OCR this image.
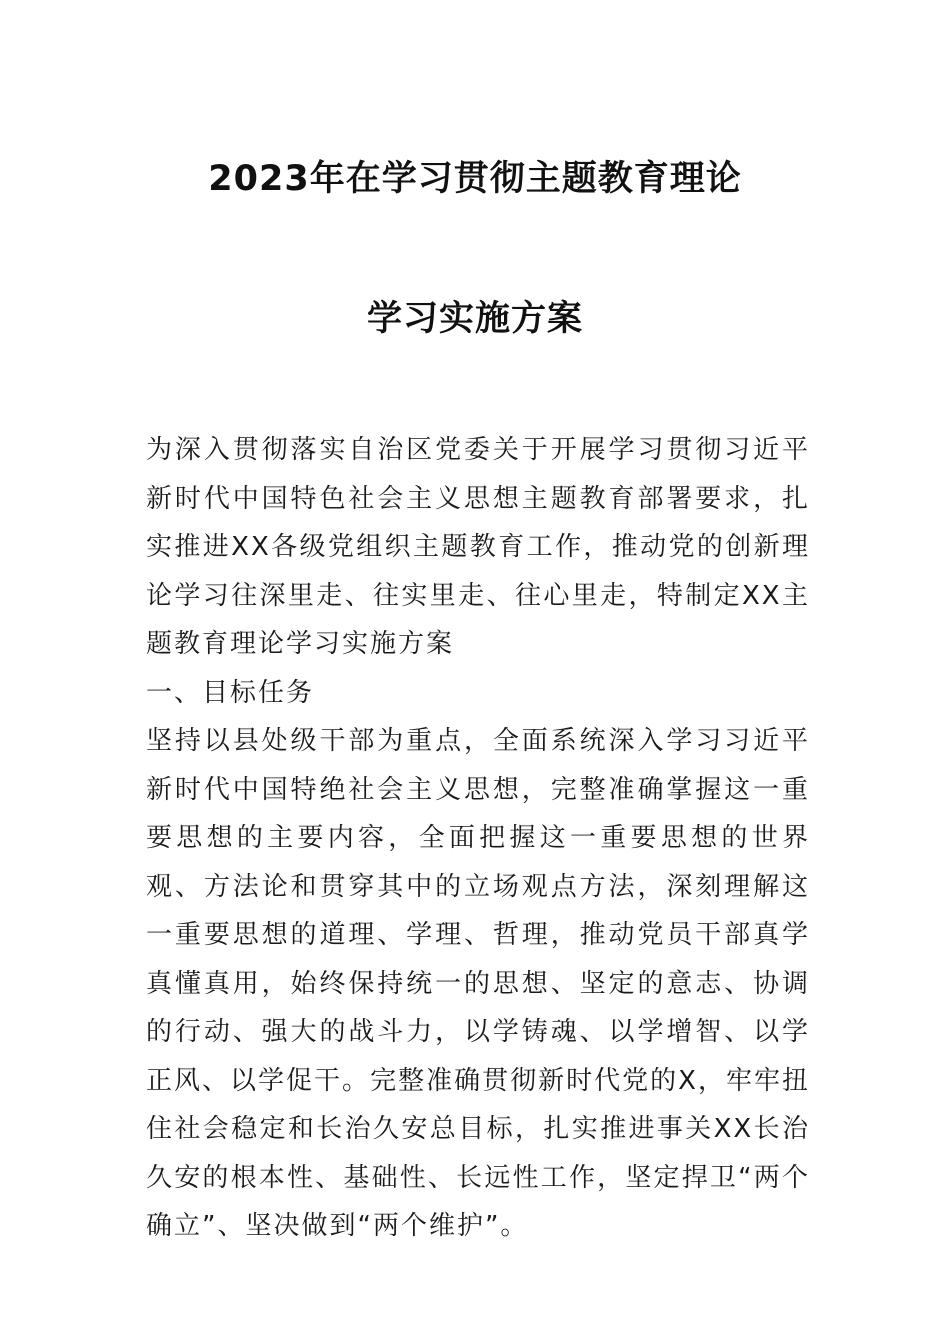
2023年在学习贯彻主题教育理论
学习实施方案

为深入贯彻落实自治区党委关于开展学习贯彻习近平新时代中国特色社会主义思想主题教育部署要求，扎实推进XX各级党组织主题教育工作，推动党的创新理论学习往深里走、往实里走、往心里走，特制定XX主题教育理论学习实施方案

一、目标任务

坚持以县处级干部为重点，全面系统深入学习习近平新时代中国特绝社会主义思想，完整准确掌握这一重要思想的主要内容，全面把握这一重要思想的世界观、方法论和贯穿其中的立场观点方法，深刻理解这一重要思想的道理、学理、哲理，推动党员干部真学真懂真用，始终保持统一的思想、坚定的意志、协调的行动、强大的战斗力，以学铸魂、以学增智、以学正风、以学促干。完整准确贯彻新时代党的X，牢牢扭住社会稳定和长治久安总目标，扎实推进事关XX长治久安的根本性、基础性、长远性工作，坚定捍卫“两个确立”、坚决做到“两个维护”。
